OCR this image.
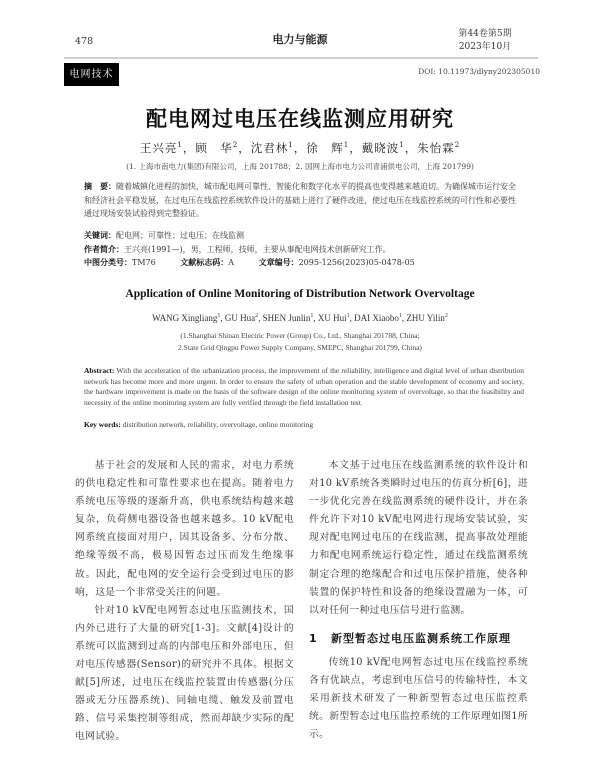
478	电力与能源	第44卷第5期
2023年10月
电网技术	DOI: 10.11973/dlyny202305010
配电网过电压在线监测应用研究
王兴亮$^1$，顾　华$^2$，沈君林$^1$，徐　辉$^1$，戴晓波$^1$，朱怡霖$^2$
(1. 上海市南电力(集团)有限公司，上海 201788；2. 国网上海市电力公司青浦供电公司，上海 201799)
摘　要：随着城镇化进程的加快，城市配电网可靠性、智能化和数字化水平的提高也变得越来越迫切。为确保城市运行安全和经济社会平稳发展，在过电压在线监控系统软件设计的基础上进行了硬件改进，使过电压在线监控系统的可行性和必要性通过现场安装试验得到完整验证。
关键词：配电网；可靠性；过电压；在线监测
作者简介：王兴亮(1991—)，男，工程师，技师，主要从事配电网技术创新研究工作。
中图分类号：TM76	文献标志码：A	文章编号：2095-1256(2023)05-0478-05
Application of Online Monitoring of Distribution Network Overvoltage
WANG Xingliang$^1$, GU Hua$^2$, SHEN Junlin$^1$, XU Hui$^1$, DAI Xiaobo$^1$, ZHU Yilin$^2$
(1.Shanghai Shinan Electric Power (Group) Co., Ltd., Shanghai 201788, China;
2.State Grid Qingpu Power Supply Company, SMEPC, Shanghai 201799, China)
Abstract: With the acceleration of the urbanization process, the improvement of the reliability, intelligence and digital level of urban distribution network has become more and more urgent. In order to ensure the safety of urban operation and the stable development of economy and society, the hardware improvement is made on the basis of the software design of the online monitoring system of overvoltage, so that the feasibility and necessity of the online monitoring system are fully verified through the field installation test.
Key words: distribution network, reliability, overvoltage, online monitoring

基于社会的发展和人民的需求，对电力系统的供电稳定性和可靠性要求也在提高。随着电力系统电压等级的逐渐升高，供电系统结构越来越复杂，负荷侧电器设备也越来越多。10 kV配电网系统直接面对用户，因其设备多、分布分散、绝缘等级不高，极易因暂态过压而发生绝缘事故。因此，配电网的安全运行会受到过电压的影响，这是一个非常受关注的问题。

针对10 kV配电网暂态过电压监测技术，国内外已进行了大量的研究[1-3]。文献[4]设计的系统可以监测到过高的内部电压和外部电压，但对电压传感器(Sensor)的研究并不具体。根据文献[5]所述，过电压在线监控装置由传感器(分压器或无分压器系统)、同轴电缆、触发及前置电路、信号采集控制等组成，然而却缺少实际的配电网试验。

本文基于过电压在线监测系统的软件设计和对10 kV系统各类瞬时过电压的仿真分析[6]，进一步优化完善在线监测系统的硬件设计，并在条件允许下对10 kV配电网进行现场安装试验，实现对配电网过电压的在线监测，提高事故处理能力和配电网系统运行稳定性，通过在线监测系统制定合理的绝缘配合和过电压保护措施，使各种装置的保护特性和设备的绝缘设置融为一体，可以对任何一种过电压信号进行监测。

1 新型暂态过电压监测系统工作原理

传统10 kV配电网暂态过电压在线监控系统各有优缺点，考虑到电压信号的传输特性，本文采用新技术研发了一种新型暂态过电压监控系统。新型暂态过电压监控系统的工作原理如图1所示。
